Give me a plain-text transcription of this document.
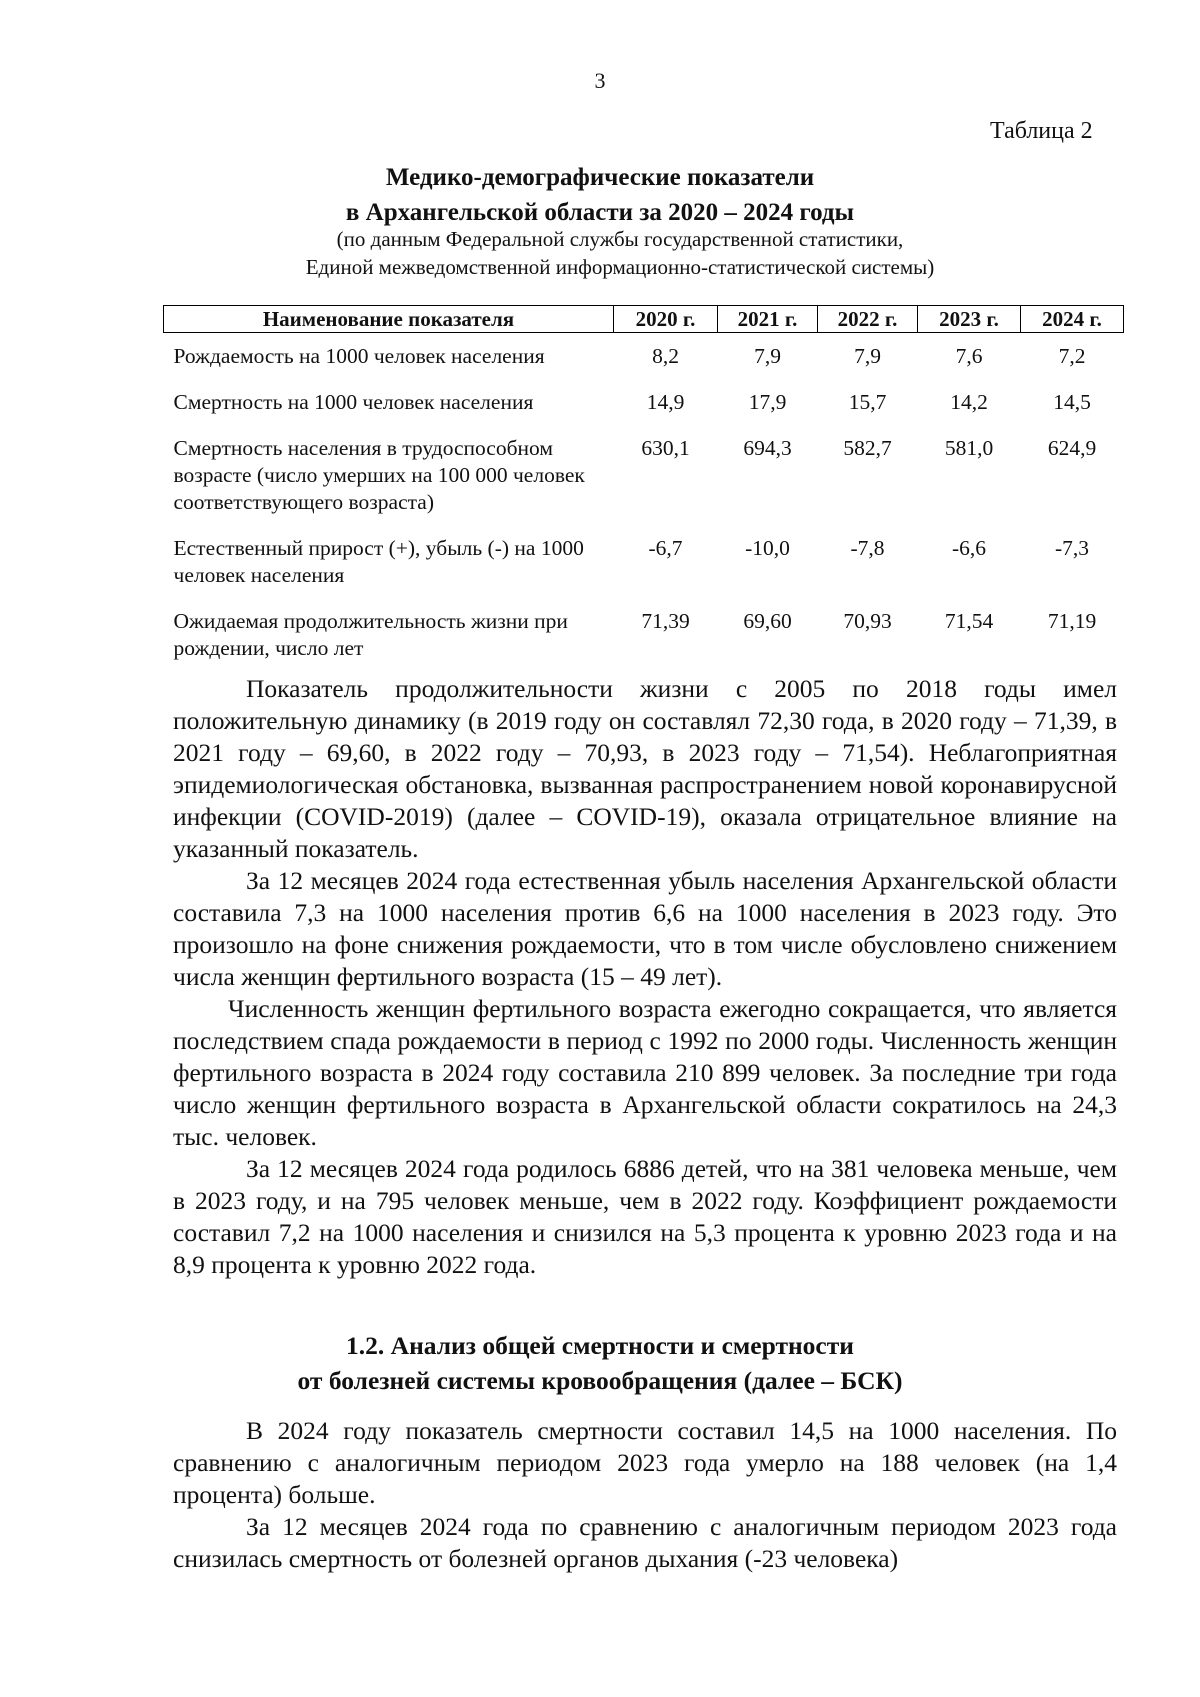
3
Таблица 2
Медико-демографические показатели
в Архангельской области за 2020 – 2024 годы
(по данным Федеральной службы государственной статистики,
Единой межведомственной информационно-статистической системы)
Наименование показателя	2020 г.	2021 г.	2022 г.	2023 г.	2024 г.
Рождаемость на 1000 человек населения	8,2	7,9	7,9	7,6	7,2
Смертность на 1000 человек населения	14,9	17,9	15,7	14,2	14,5
Смертность населения в трудоспособном возрасте (число умерших на 100 000 человек соответствующего возраста)	630,1	694,3	582,7	581,0	624,9
Естественный прирост (+), убыль (-) на 1000 человек населения	-6,7	-10,0	-7,8	-6,6	-7,3
Ожидаемая продолжительность жизни при рождении, число лет	71,39	69,60	70,93	71,54	71,19

Показатель продолжительности жизни с 2005 по 2018 годы имел положительную динамику (в 2019 году он составлял 72,30 года, в 2020 году – 71,39, в 2021 году – 69,60, в 2022 году – 70,93, в 2023 году – 71,54). Неблагоприятная эпидемиологическая обстановка, вызванная распространением новой коронавирусной инфекции (COVID-2019) (далее – COVID-19), оказала отрицательное влияние на указанный показатель.

За 12 месяцев 2024 года естественная убыль населения Архангельской области составила 7,3 на 1000 населения против 6,6 на 1000 населения в 2023 году. Это произошло на фоне снижения рождаемости, что в том числе обусловлено снижением числа женщин фертильного возраста (15 – 49 лет).

Численность женщин фертильного возраста ежегодно сокращается, что является последствием спада рождаемости в период с 1992 по 2000 годы. Численность женщин фертильного возраста в 2024 году составила 210 899 человек. За последние три года число женщин фертильного возраста в Архангельской области сократилось на 24,3 тыс. человек.

За 12 месяцев 2024 года родилось 6886 детей, что на 381 человека меньше, чем в 2023 году, и на 795 человек меньше, чем в 2022 году. Коэффициент рождаемости составил 7,2 на 1000 населения и снизился на 5,3 процента к уровню 2023 года и на 8,9 процента к уровню 2022 года.

1.2. Анализ общей смертности и смертности
от болезней системы кровообращения (далее – БСК)

В 2024 году показатель смертности составил 14,5 на 1000 населения. По сравнению с аналогичным периодом 2023 года умерло на 188 человек (на 1,4 процента) больше.

За 12 месяцев 2024 года по сравнению с аналогичным периодом 2023 года снизилась смертность от болезней органов дыхания (-23 человека)
